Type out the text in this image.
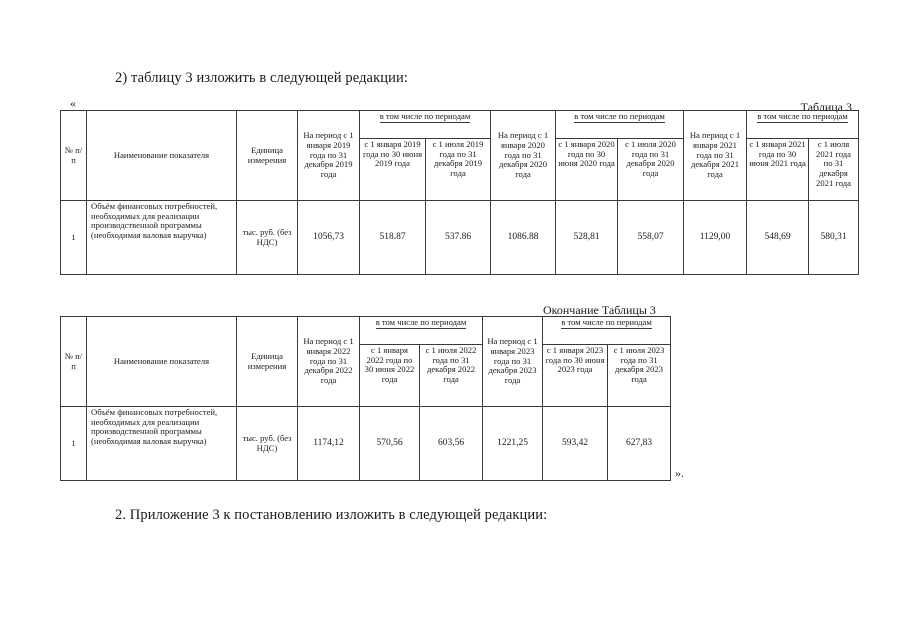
2) таблицу 3 изложить в следующей редакции:
«	Таблица 3
№ п/п	Наименование показателя	Единица измерения	На период с 1 января 2019 года по 31 декабря 2019 года	в том числе по периодам		На период с 1 января 2020 года по 31 декабря 2020 года	в том числе по периодам		На период с 1 января 2021 года по 31 декабря 2021 года	в том числе по периодам	
				с 1 января 2019 года по 30 июня 2019 года	с 1 июля 2019 года по 31 декабря 2019 года		с 1 января 2020 года по 30 июня 2020 года	с 1 июля 2020 года по 31 декабря 2020 года		с 1 января 2021 года по 30 июня 2021 года	с 1 июля 2021 года по 31 декабря 2021 года
1	Объём финансовых потребностей, необходимых для реализации производственной программы (необходимая валовая выручка)	тыс. руб. (без НДС)	1056,73	518.87	537.86	1086.88	528,81	558,07	1129,00	548,69	580,31
Окончание Таблицы 3
№ п/п	Наименование показателя	Единица измерения	На период с 1 января 2022 года по 31 декабря 2022 года	в том числе по периодам		На период с 1 января 2023 года по 31 декабря 2023 года	в том числе по периодам	
				с 1 января 2022 года по 30 июня 2022 года	с 1 июля 2022 года по 31 декабря 2022 года		с 1 января 2023 года по 30 июня 2023 года	с 1 июля 2023 года по 31 декабря 2023 года
1	Объём финансовых потребностей, необходимых для реализации производственной программы (необходимая валовая выручка)	тыс. руб. (без НДС)	1174,12	570,56	603,56	1221,25	593,42	627,83
».
2. Приложение 3 к постановлению изложить в следующей редакции:
